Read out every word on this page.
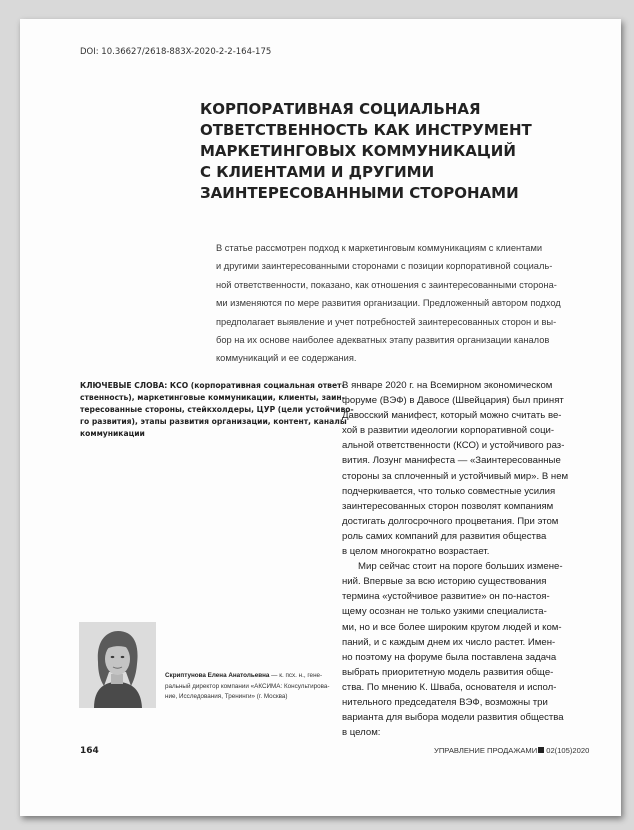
DOI: 10.36627/2618-883X-2020-2-2-164-175
КОРПОРАТИВНАЯ СОЦИАЛЬНАЯ
ОТВЕТСТВЕННОСТЬ КАК ИНСТРУМЕНТ
МАРКЕТИНГОВЫХ КОММУНИКАЦИЙ
С КЛИЕНТАМИ И ДРУГИМИ
ЗАИНТЕРЕСОВАННЫМИ СТОРОНАМИ

В статье рассмотрен подход к маркетинговым коммуникациям с клиентами
и другими заинтересованными сторонами с позиции корпоративной социаль-
ной ответственности, показано, как отношения с заинтересованными сторона-
ми изменяются по мере развития организации. Предложенный автором подход
предполагает выявление и учет потребностей заинтересованных сторон и вы-
бор на их основе наиболее адекватных этапу развития организации каналов
коммуникаций и ее содержания.

КЛЮЧЕВЫЕ СЛОВА: КСО (корпоративная социальная ответ-
ственность), маркетинговые коммуникации, клиенты, заин-
тересованные стороны, стейкхолдеры, ЦУР (цели устойчиво-
го развития), этапы развития организации, контент, каналы
коммуникации

В январе 2020 г. на Всемирном экономическом
форуме (ВЭФ) в Давосе (Швейцария) был принят
Давосский манифест, который можно считать ве-
хой в развитии идеологии корпоративной соци-
альной ответственности (КСО) и устойчивого раз-
вития. Лозунг манифеста — «Заинтересованные
стороны за сплоченный и устойчивый мир». В нем
подчеркивается, что только совместные усилия
заинтересованных сторон позволят компаниям
достигать долгосрочного процветания. При этом
роль самих компаний для развития общества
в целом многократно возрастает.

Мир сейчас стоит на пороге больших измене-
ний. Впервые за всю историю существования
термина «устойчивое развитие» он по-настоя-
щему осознан не только узкими специалиста-
ми, но и все более широким кругом людей и ком-
паний, и с каждым днем их число растет. Имен-
но поэтому на форуме была поставлена задача
выбрать приоритетную модель развития обще-
ства. По мнению К. Шваба, основателя и испол-
нительного председателя ВЭФ, возможны три
варианта для выбора модели развития общества
в целом:

Скриптунова Елена Анатольевна — к. псх. н., гене-
ральный директор компании «АКСИМА: Консультирова-
ние, Исследования, Тренинги» (г. Москва)

164	УПРАВЛЕНИЕ ПРОДАЖАМИ 02(105)2020
